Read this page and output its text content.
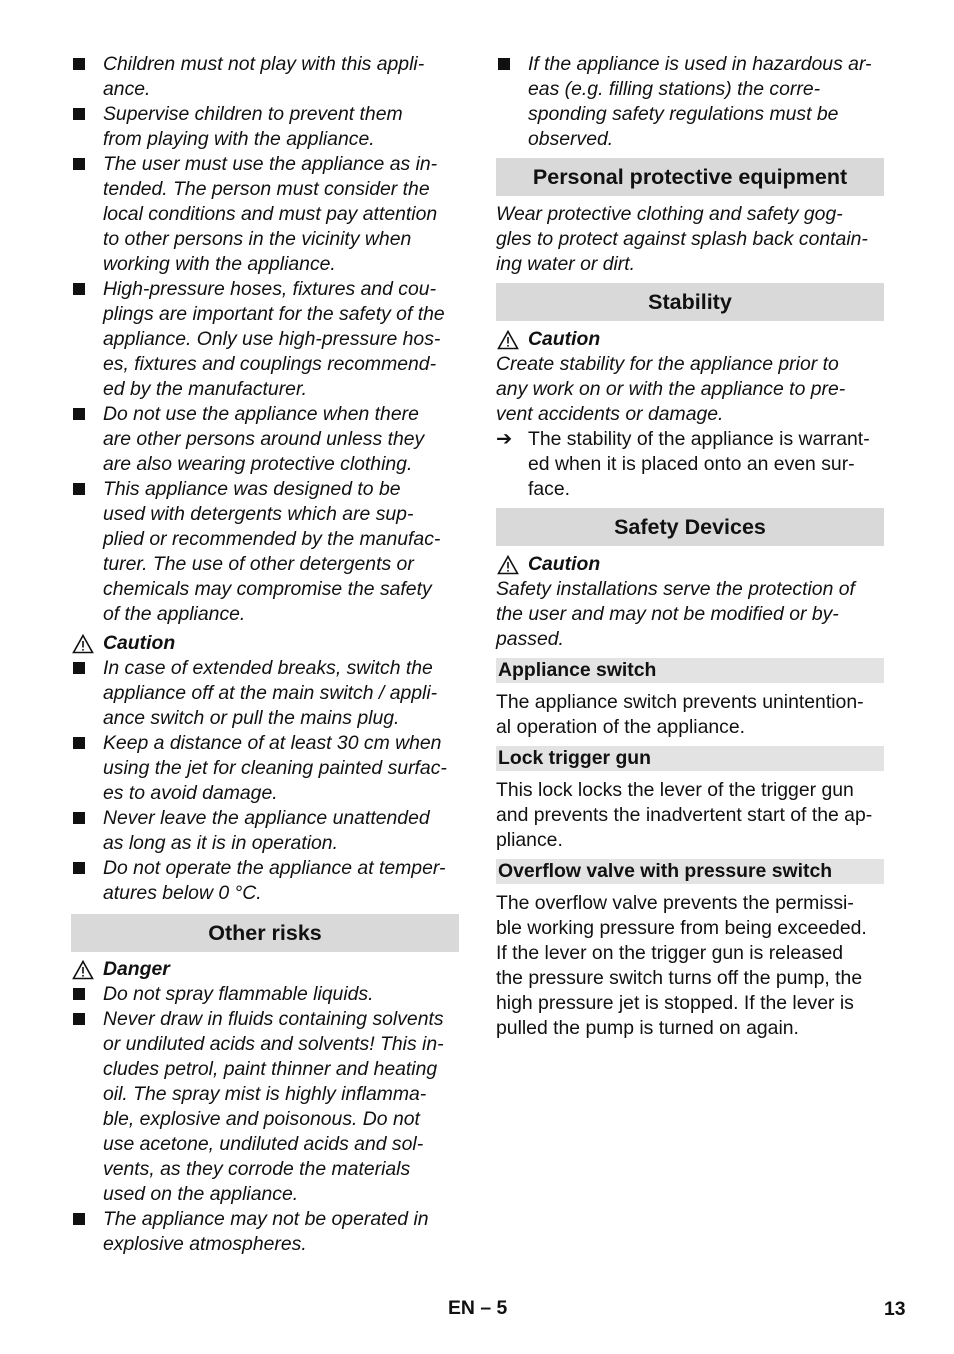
Children must not play with this appli-
ance.
Supervise children to prevent them
from playing with the appliance.
The user must use the appliance as in-
tended. The person must consider the
local conditions and must pay attention
to other persons in the vicinity when
working with the appliance.
High-pressure hoses, fixtures and cou-
plings are important for the safety of the
appliance. Only use high-pressure hos-
es, fixtures and couplings recommend-
ed by the manufacturer.
Do not use the appliance when there
are other persons around unless they
are also wearing protective clothing.
This appliance was designed to be
used with detergents which are sup-
plied or recommended by the manufac-
turer. The use of other detergents or
chemicals may compromise the safety
of the appliance.
Caution
In case of extended breaks, switch the
appliance off at the main switch / appli-
ance switch or pull the mains plug.
Keep a distance of at least 30 cm when
using the jet for cleaning painted surfac-
es to avoid damage.
Never leave the appliance unattended
as long as it is in operation.
Do not operate the appliance at temper-
atures below 0 °C.
Other risks
Danger
Do not spray flammable liquids.
Never draw in fluids containing solvents
or undiluted acids and solvents! This in-
cludes petrol, paint thinner and heating
oil. The spray mist is highly inflamma-
ble, explosive and poisonous. Do not
use acetone, undiluted acids and sol-
vents, as they corrode the materials
used on the appliance.
The appliance may not be operated in
explosive atmospheres.
If the appliance is used in hazardous ar-
eas (e.g. filling stations) the corre-
sponding safety regulations must be
observed.
Personal protective equipment

Wear protective clothing and safety gog-
gles to protect against splash back contain-
ing water or dirt.

Stability
Caution

Create stability for the appliance prior to
any work on or with the appliance to pre-
vent accidents or damage.

➔ The stability of the appliance is warrant-
ed when it is placed onto an even sur-
face.
Safety Devices
Caution

Safety installations serve the protection of
the user and may not be modified or by-
passed.

Appliance switch

The appliance switch prevents unintention-
al operation of the appliance.

Lock trigger gun

This lock locks the lever of the trigger gun
and prevents the inadvertent start of the ap-
pliance.

Overflow valve with pressure switch

The overflow valve prevents the permissi-
ble working pressure from being exceeded.
If the lever on the trigger gun is released
the pressure switch turns off the pump, the
high pressure jet is stopped. If the lever is
pulled the pump is turned on again.

EN – 5	13
